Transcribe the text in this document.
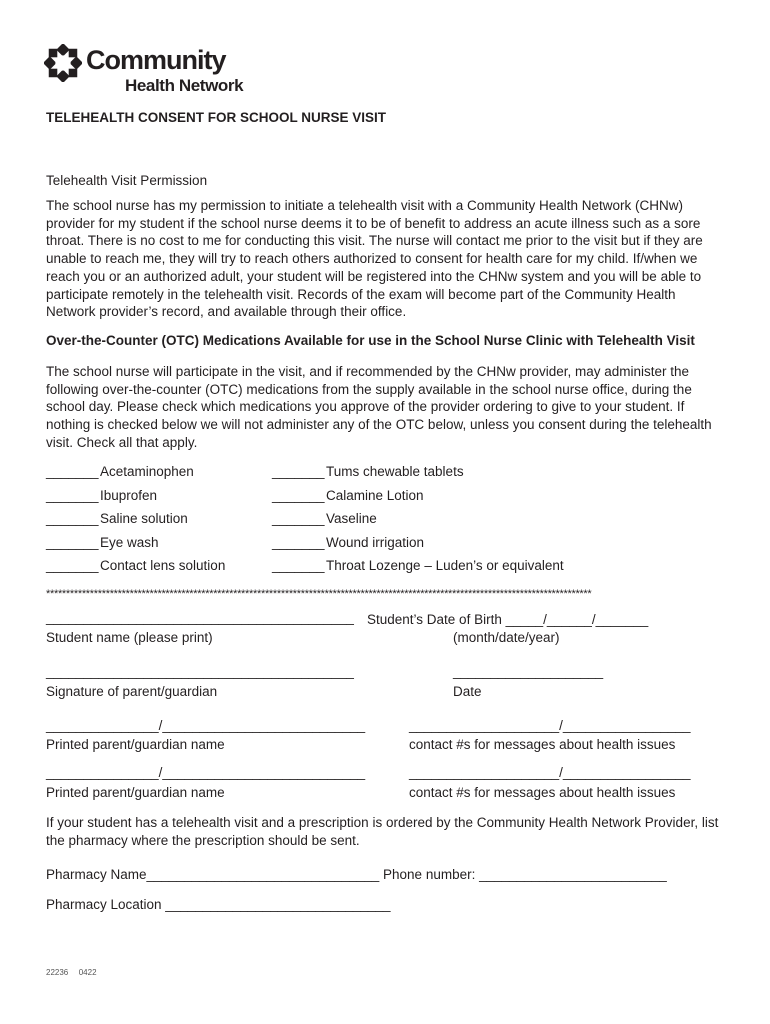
Community
Health Network
TELEHEALTH CONSENT FOR SCHOOL NURSE VISIT
Telehealth Visit Permission
The school nurse has my permission to initiate a telehealth visit with a Community Health Network (CHNw) provider for my student if the school nurse deems it to be of benefit to address an acute illness such as a sore throat. There is no cost to me for conducting this visit. The nurse will contact me prior to the visit but if they are unable to reach me, they will try to reach others authorized to consent for health care for my child. If/when we reach you or an authorized adult, your student will be registered into the CHNw system and you will be able to participate remotely in the telehealth visit. Records of the exam will become part of the Community Health Network provider’s record, and available through their office.
Over-the-Counter (OTC) Medications Available for use in the School Nurse Clinic with Telehealth Visit
The school nurse will participate in the visit, and if recommended by the CHNw provider, may administer the following over-the-counter (OTC) medications from the supply available in the school nurse office, during the school day. Please check which medications you approve of the provider ordering to give to your student. If nothing is checked below we will not administer any of the OTC below, unless you consent during the telehealth visit. Check all that apply.
_______ Acetaminophen
_______ Ibuprofen
_______ Saline solution
_______ Eye wash
_______ Contact lens solution
_______ Tums chewable tablets
_______ Calamine Lotion
_______ Vaseline
_______ Wound irrigation
_______ Throat Lozenge – Luden’s or equivalent
*****************************************************************************************************************************************
_________________________________________
Student name (please print)
Student’s Date of Birth _____/______/_______
(month/date/year)
_________________________________________
Signature of parent/guardian
____________________
Date
_______________/___________________________
Printed parent/guardian name
____________________/_________________
contact #s for messages about health issues
_______________/___________________________
Printed parent/guardian name
____________________/_________________
contact #s for messages about health issues
If your student has a telehealth visit and a prescription is ordered by the Community Health Network Provider, list the pharmacy where the prescription should be sent.
Pharmacy Name_______________________________ Phone number: _________________________
Pharmacy Location ______________________________
22236 0422
